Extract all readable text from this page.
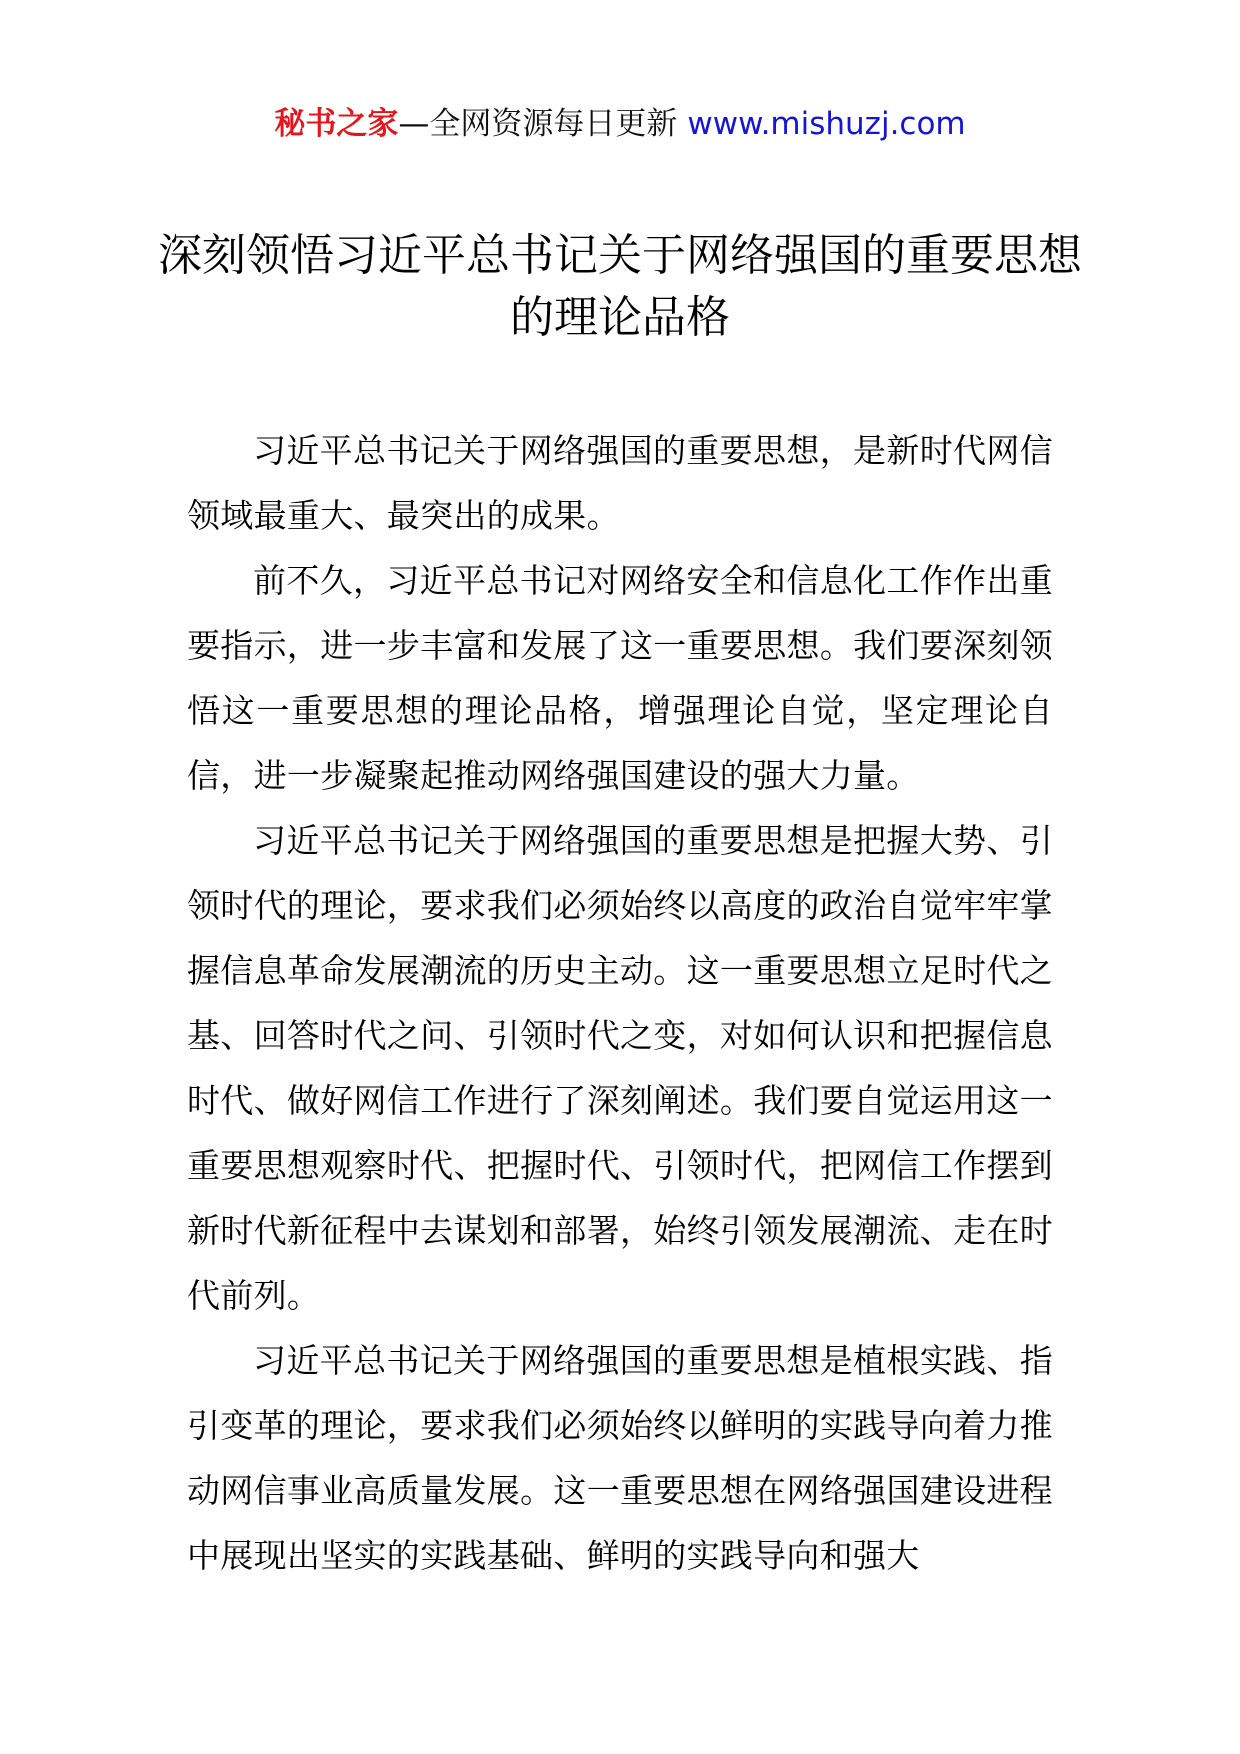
秘书之家—全网资源每日更新 www.mishuzj.com
深刻领悟习近平总书记关于网络强国的重要思想的理论品格

习近平总书记关于网络强国的重要思想，是新时代网信领域最重大、最突出的成果。

前不久，习近平总书记对网络安全和信息化工作作出重要指示，进一步丰富和发展了这一重要思想。我们要深刻领悟这一重要思想的理论品格，增强理论自觉，坚定理论自信，进一步凝聚起推动网络强国建设的强大力量。

习近平总书记关于网络强国的重要思想是把握大势、引领时代的理论，要求我们必须始终以高度的政治自觉牢牢掌握信息革命发展潮流的历史主动。这一重要思想立足时代之基、回答时代之问、引领时代之变，对如何认识和把握信息时代、做好网信工作进行了深刻阐述。我们要自觉运用这一重要思想观察时代、把握时代、引领时代，把网信工作摆到新时代新征程中去谋划和部署，始终引领发展潮流、走在时代前列。

习近平总书记关于网络强国的重要思想是植根实践、指引变革的理论，要求我们必须始终以鲜明的实践导向着力推动网信事业高质量发展。这一重要思想在网络强国建设进程中展现出坚实的实践基础、鲜明的实践导向和强大
